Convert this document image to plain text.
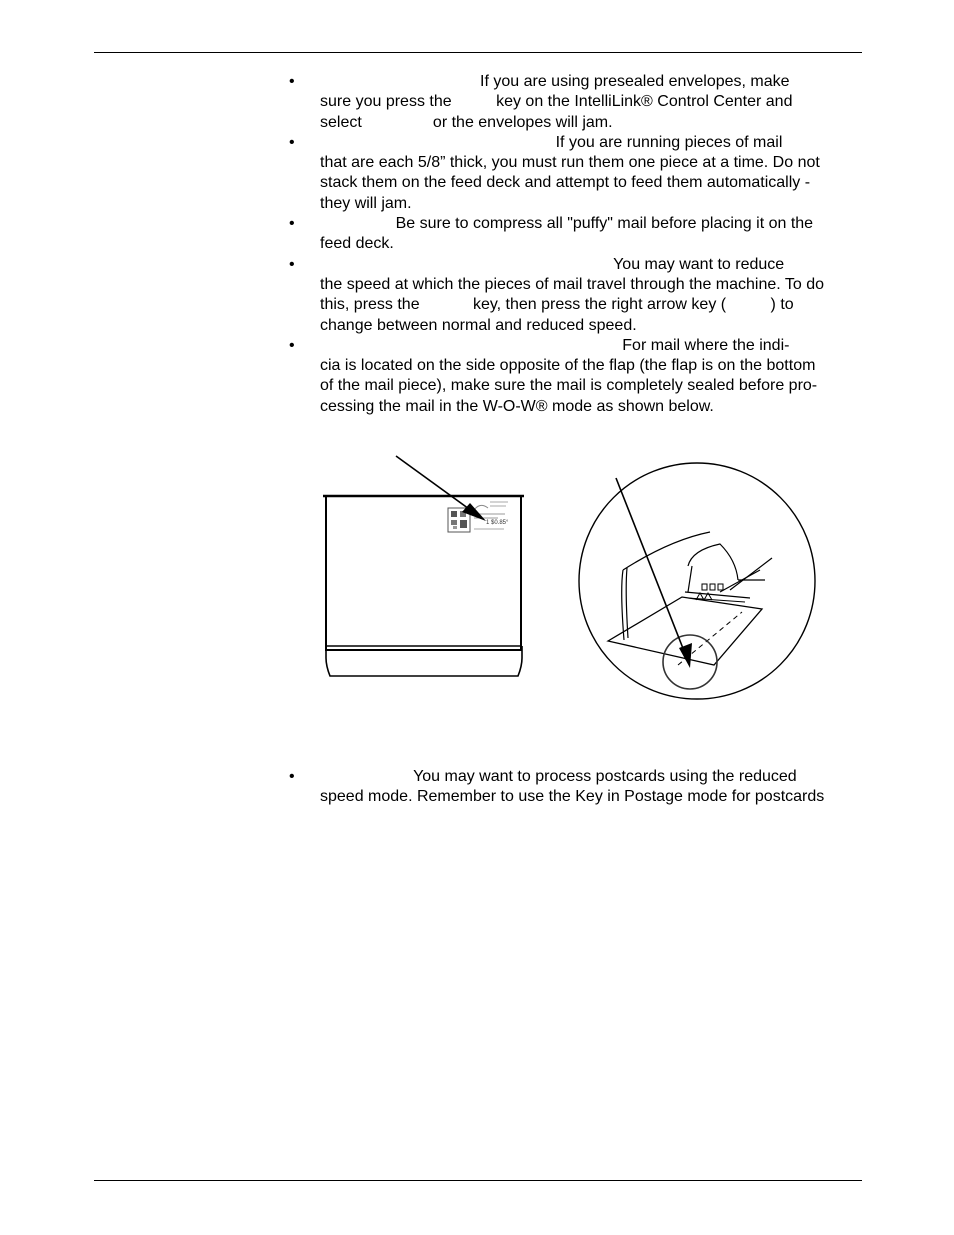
• If you are using presealed envelopes, make
sure you press the          key on the IntelliLink® Control Center and
select                or the envelopes will jam.
• If you are running pieces of mail
that are each 5/8” thick, you must run them one piece at a time. Do not
stack them on the feed deck and attempt to feed them automatically -
they will jam.
• Be sure to compress all "puffy" mail before placing it on the
feed deck.
• You may want to reduce
the speed at which the pieces of mail travel through the machine. To do
this, press the            key, then press the right arrow key (          ) to
change between normal and reduced speed.
• For mail where the indi-
cia is located on the side opposite of the flap (the flap is on the bottom
of the mail piece), make sure the mail is completely sealed before pro-
cessing the mail in the W-O-W® mode as shown below.
1 $0.85°
• You may want to process postcards using the reduced
speed mode. Remember to use the Key in Postage mode for postcards
